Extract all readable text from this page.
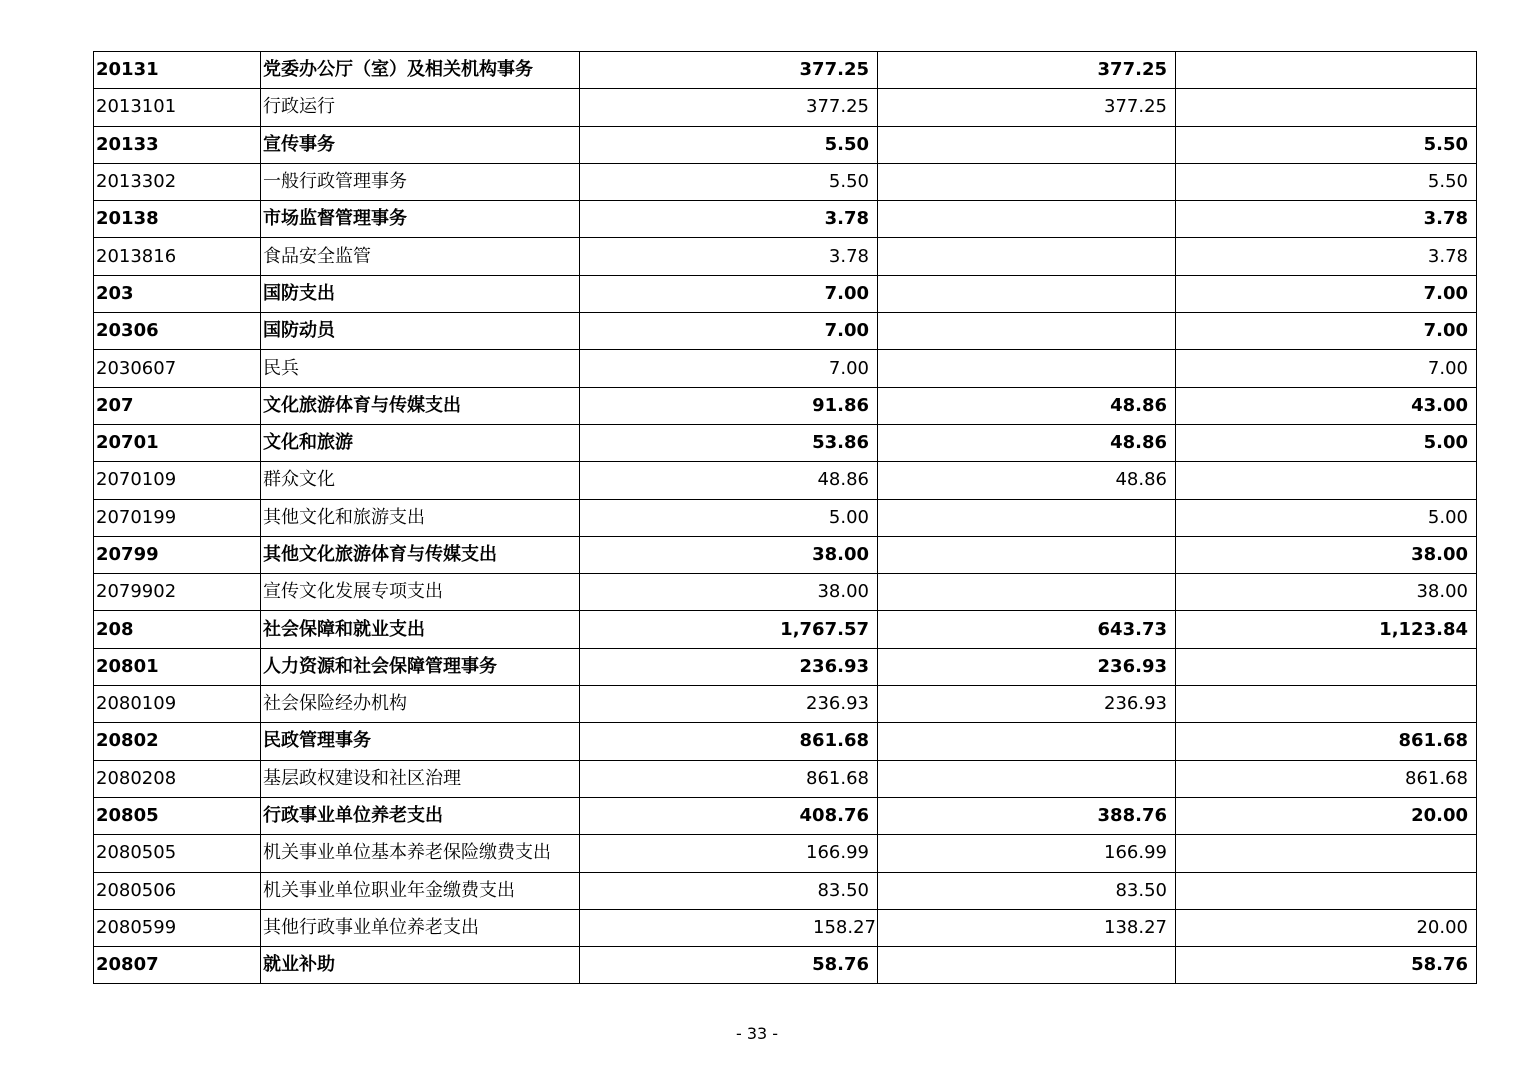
20131	党委办公厅（室）及相关机构事务	377.25	377.25	
2013101	行政运行	377.25	377.25	
20133	宣传事务	5.50		5.50
2013302	一般行政管理事务	5.50		5.50
20138	市场监督管理事务	3.78		3.78
2013816	食品安全监管	3.78		3.78
203	国防支出	7.00		7.00
20306	国防动员	7.00		7.00
2030607	民兵	7.00		7.00
207	文化旅游体育与传媒支出	91.86	48.86	43.00
20701	文化和旅游	53.86	48.86	5.00
2070109	群众文化	48.86	48.86	
2070199	其他文化和旅游支出	5.00		5.00
20799	其他文化旅游体育与传媒支出	38.00		38.00
2079902	宣传文化发展专项支出	38.00		38.00
208	社会保障和就业支出	1,767.57	643.73	1,123.84
20801	人力资源和社会保障管理事务	236.93	236.93	
2080109	社会保险经办机构	236.93	236.93	
20802	民政管理事务	861.68		861.68
2080208	基层政权建设和社区治理	861.68		861.68
20805	行政事业单位养老支出	408.76	388.76	20.00
2080505	机关事业单位基本养老保险缴费支出	166.99	166.99	
2080506	机关事业单位职业年金缴费支出	83.50	83.50	
2080599	其他行政事业单位养老支出	158.27	138.27	20.00
20807	就业补助	58.76		58.76
- 33 -
